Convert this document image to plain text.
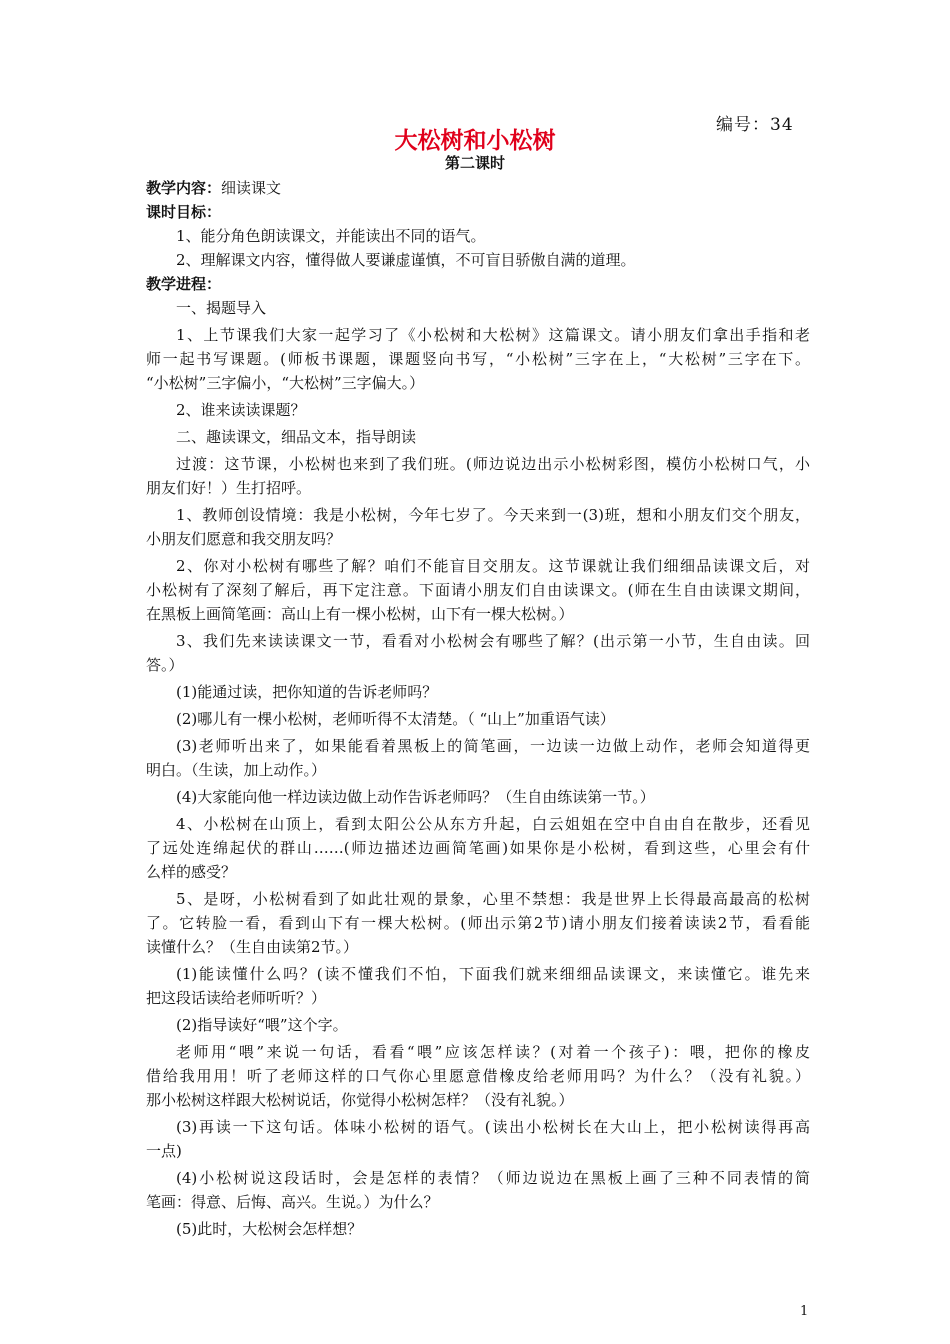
编号：34
大松树和小松树
第二课时
教学内容：细读课文
课时目标：
1、能分角色朗读课文，并能读出不同的语气。
2、理解课文内容，懂得做人要谦虚谨慎，不可盲目骄傲自满的道理。
教学进程：
一、揭题导入
1、上节课我们大家一起学习了《小松树和大松树》这篇课文。请小朋友们拿出手指和老
师一起书写课题。(师板书课题，课题竖向书写，“小松树”三字在上，“大松树”三字在下。
“小松树”三字偏小，“大松树”三字偏大。）
2、谁来读读课题？
二、趣读课文，细品文本，指导朗读
过渡：这节课，小松树也来到了我们班。(师边说边出示小松树彩图，模仿小松树口气，小
朋友们好！）生打招呼。
1、教师创设情境：我是小松树，今年七岁了。今天来到一(3)班，想和小朋友们交个朋友，
小朋友们愿意和我交朋友吗？
2、你对小松树有哪些了解？咱们不能盲目交朋友。这节课就让我们细细品读课文后，对
小松树有了深刻了解后，再下定注意。下面请小朋友们自由读课文。(师在生自由读课文期间，
在黑板上画简笔画：高山上有一棵小松树，山下有一棵大松树。）
3、我们先来读读课文一节，看看对小松树会有哪些了解？(出示第一小节，生自由读。回
答。）
(1)能通过读，把你知道的告诉老师吗？
(2)哪儿有一棵小松树，老师听得不太清楚。（ “山上”加重语气读）
(3)老师听出来了，如果能看着黑板上的简笔画，一边读一边做上动作，老师会知道得更
明白。（生读，加上动作。）
(4)大家能向他一样边读边做上动作告诉老师吗？（生自由练读第一节。）
4、小松树在山顶上，看到太阳公公从东方升起，白云姐姐在空中自由自在散步，还看见
了远处连绵起伏的群山……(师边描述边画简笔画)如果你是小松树，看到这些，心里会有什
么样的感受？
5、是呀，小松树看到了如此壮观的景象，心里不禁想：我是世界上长得最高最高的松树
了。它转脸一看，看到山下有一棵大松树。(师出示第2节)请小朋友们接着读读2节，看看能
读懂什么？（生自由读第2节。）
(1)能读懂什么吗？(读不懂我们不怕，下面我们就来细细品读课文，来读懂它。谁先来
把这段话读给老师听听？）
(2)指导读好“喂”这个字。
老师用“喂”来说一句话，看看“喂”应该怎样读？(对着一个孩子)：喂，把你的橡皮
借给我用用！听了老师这样的口气你心里愿意借橡皮给老师用吗？为什么？（没有礼貌。）
那小松树这样跟大松树说话，你觉得小松树怎样？（没有礼貌。）
(3)再读一下这句话。体味小松树的语气。(读出小松树长在大山上，把小松树读得再高
一点)
(4)小松树说这段话时，会是怎样的表情？（师边说边在黑板上画了三种不同表情的简
笔画：得意、后悔、高兴。生说。）为什么？
(5)此时，大松树会怎样想？
1
